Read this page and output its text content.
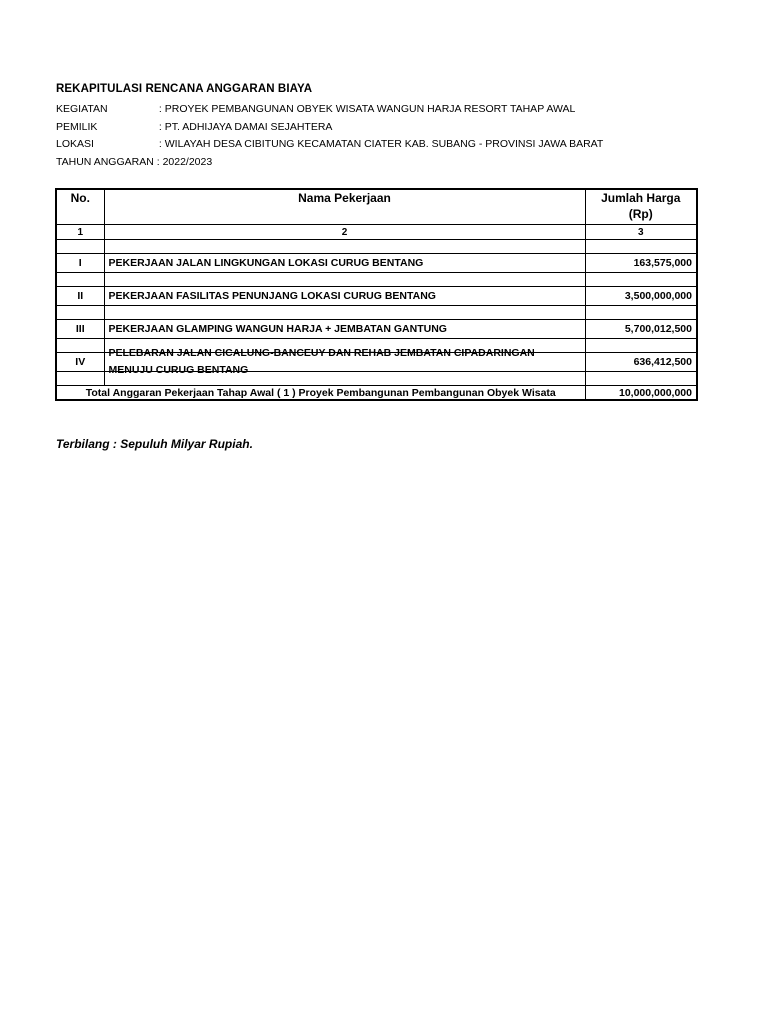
REKAPITULASI RENCANA ANGGARAN BIAYA
KEGIATAN	: PROYEK PEMBANGUNAN OBYEK WISATA WANGUN HARJA RESORT TAHAP AWAL
PEMILIK	: PT. ADHIJAYA DAMAI SEJAHTERA
LOKASI	: WILAYAH DESA CIBITUNG KECAMATAN CIATER KAB. SUBANG - PROVINSI JAWA BARAT
TAHUN ANGGARAN : 2022/2023
No.	Nama Pekerjaan	Jumlah Harga (Rp)
1	2	3

I	PEKERJAAN JALAN LINGKUNGAN LOKASI CURUG BENTANG	163,575,000

II	PEKERJAAN FASILITAS PENUNJANG LOKASI CURUG BENTANG	3,500,000,000

III	PEKERJAAN GLAMPING WANGUN HARJA + JEMBATAN GANTUNG	5,700,012,500

IV	PELEBARAN JALAN CICALUNG-BANCEUY DAN REHAB JEMBATAN CIPADARINGAN MENUJU CURUG BENTANG	636,412,500

Total Anggaran Pekerjaan Tahap Awal ( 1 ) Proyek Pembangunan Pembangunan Obyek Wisata		10,000,000,000
Terbilang : Sepuluh Milyar Rupiah.
